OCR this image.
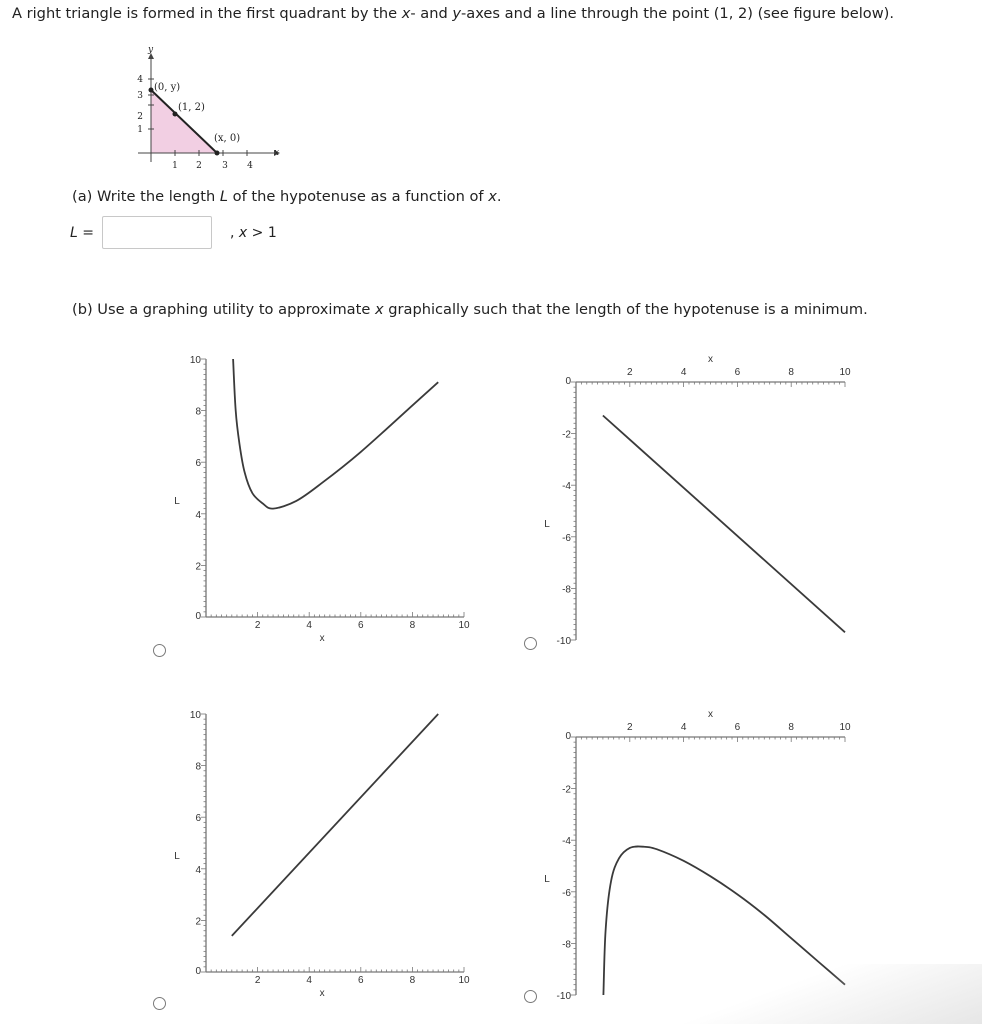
A right triangle is formed in the first quadrant by the x- and y-axes and a line through the point (1, 2) (see figure below).
y
x
1 2 3 4
1
2
3
4
(0, y)
(1, 2)
(x, 0)
(a) Write the length L of the hypotenuse as a function of x.
L =	, x > 1
(b) Use a graphing utility to approximate x graphically such that the length of the hypotenuse is a minimum.
2	4	6	8	10
0
2
4
6
8
10
x
L
2	4	6	8	10
0
-2
-4
-6
-8
-10
x
L
2	4	6	8	10
0
2
4
6
8
10
x
L
2	4	6	8	10
0
-2
-4
-6
-8
-10
x
L
